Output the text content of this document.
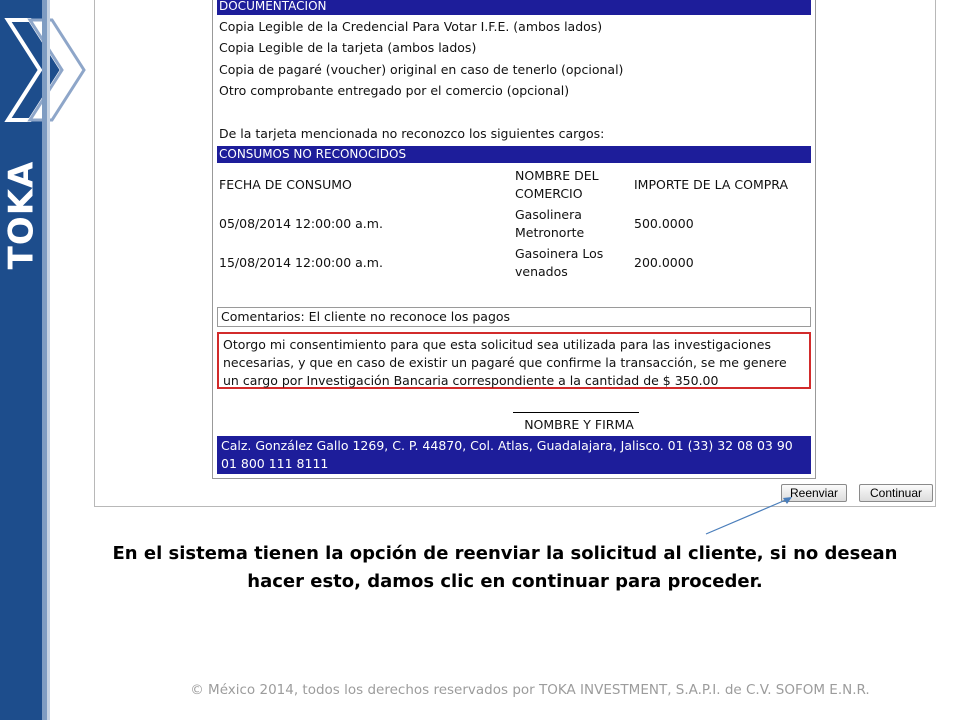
TOKA
DOCUMENTACIÓN
Copia Legible de la Credencial Para Votar I.F.E. (ambos lados)
Copia Legible de la tarjeta (ambos lados)
Copia de pagaré (voucher) original en caso de tenerlo (opcional)
Otro comprobante entregado por el comercio (opcional)
De la tarjeta mencionada no reconozco los siguientes cargos:
CONSUMOS NO RECONOCIDOS
FECHA DE CONSUMO
NOMBRE DEL COMERCIO
IMPORTE DE LA COMPRA
05/08/2014 12:00:00 a.m.
Gasolinera Metronorte
500.0000
15/08/2014 12:00:00 a.m.
Gasoinera Los venados
200.0000
Comentarios: El cliente no reconoce los pagos
Otorgo mi consentimiento para que esta solicitud sea utilizada para las investigaciones necesarias, y que en caso de existir un pagaré que confirme la transacción, se me genere un cargo por Investigación Bancaria correspondiente a la cantidad de $ 350.00
NOMBRE Y FIRMA
Calz. González Gallo 1269, C. P. 44870, Col. Atlas, Guadalajara, Jalisco. 01 (33) 32 08 03 90 01 800 111 8111
Reenviar	Continuar
En el sistema tienen la opción de reenviar la solicitud al cliente, si no desean hacer esto, damos clic en continuar para proceder.
© México 2014, todos los derechos reservados por TOKA INVESTMENT, S.A.P.I. de C.V. SOFOM E.N.R.
